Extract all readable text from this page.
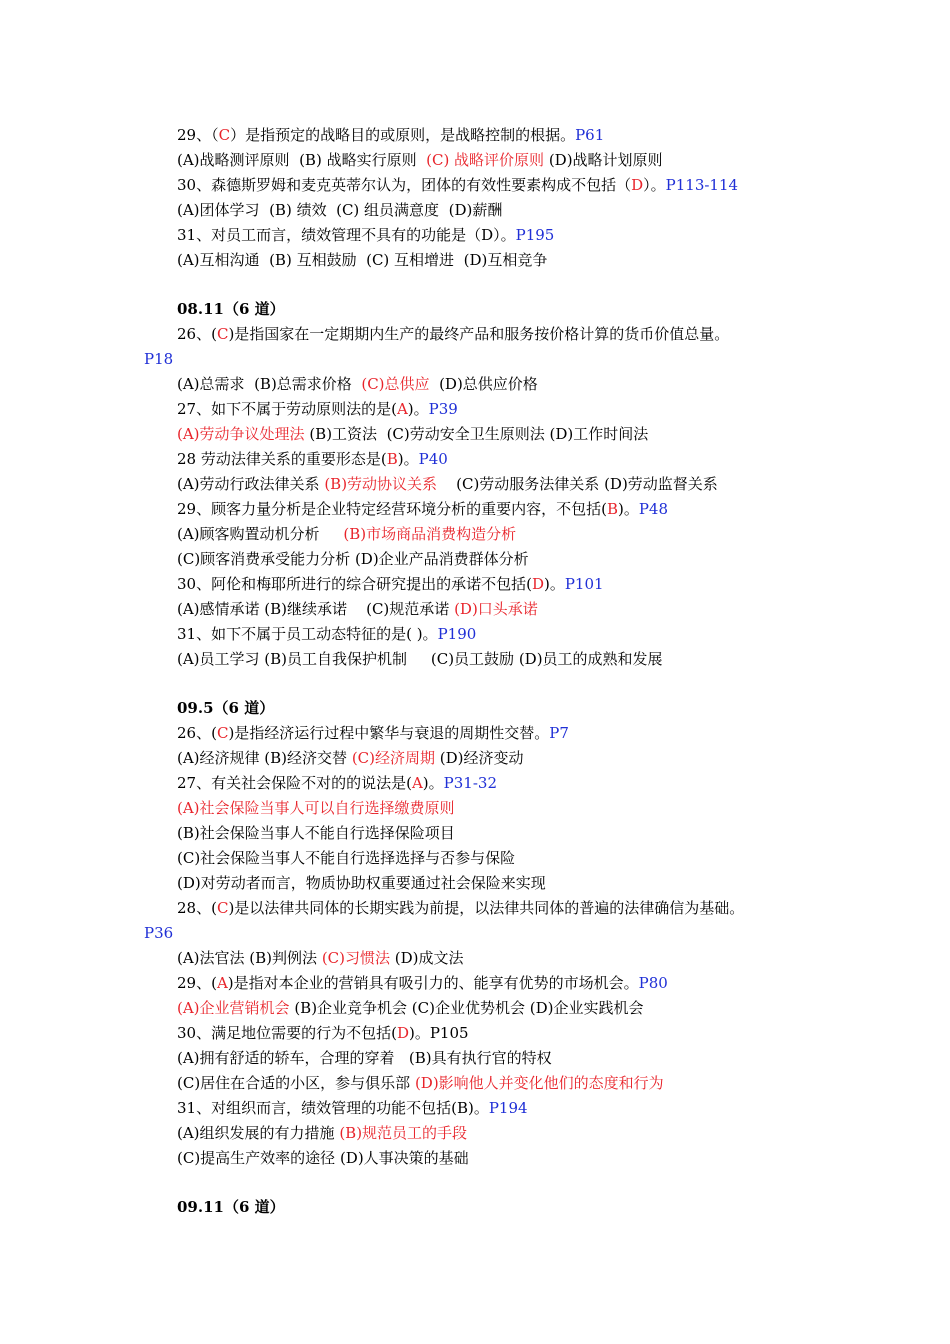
29、（C）是指预定的战略目的或原则，是战略控制的根据。P61
(A)战略测评原则  (B) 战略实行原则  (C) 战略评价原则 (D)战略计划原则
30、森德斯罗姆和麦克英蒂尔认为，团体的有效性要素构成不包括（D）。P113-114
(A)团体学习  (B) 绩效  (C) 组员满意度  (D)薪酬
31、对员工而言，绩效管理不具有的功能是（D）。P195
(A)互相沟通  (B) 互相鼓励  (C) 互相增进  (D)互相竞争
08.11（6 道）
26、(C)是指国家在一定期期内生产的最终产品和服务按价格计算的货币价值总量。
P18
(A)总需求  (B)总需求价格  (C)总供应  (D)总供应价格
27、如下不属于劳动原则法的是(A)。P39
(A)劳动争议处理法 (B)工资法  (C)劳动安全卫生原则法 (D)工作时间法
28 劳动法律关系的重要形态是(B)。P40
(A)劳动行政法律关系 (B)劳动协议关系    (C)劳动服务法律关系 (D)劳动监督关系
29、顾客力量分析是企业特定经营环境分析的重要内容，不包括(B)。P48
(A)顾客购置动机分析     (B)市场商品消费构造分析
(C)顾客消费承受能力分析 (D)企业产品消费群体分析
30、阿伦和梅耶所进行的综合研究提出的承诺不包括(D)。P101
(A)感情承诺 (B)继续承诺    (C)规范承诺 (D)口头承诺
31、如下不属于员工动态特征的是( )。P190
(A)员工学习 (B)员工自我保护机制     (C)员工鼓励 (D)员工的成熟和发展
09.5（6 道）
26、(C)是指经济运行过程中繁华与衰退的周期性交替。P7
(A)经济规律 (B)经济交替 (C)经济周期 (D)经济变动
27、有关社会保险不对的的说法是(A)。P31-32
(A)社会保险当事人可以自行选择缴费原则
(B)社会保险当事人不能自行选择保险项目
(C)社会保险当事人不能自行选择选择与否参与保险
(D)对劳动者而言，物质协助权重要通过社会保险来实现
28、(C)是以法律共同体的长期实践为前提，以法律共同体的普遍的法律确信为基础。
P36
(A)法官法 (B)判例法 (C)习惯法 (D)成文法
29、(A)是指对本企业的营销具有吸引力的、能享有优势的市场机会。P80
(A)企业营销机会 (B)企业竞争机会 (C)企业优势机会 (D)企业实践机会
30、满足地位需要的行为不包括(D)。P105
(A)拥有舒适的轿车，合理的穿着   (B)具有执行官的特权
(C)居住在合适的小区，参与俱乐部 (D)影响他人并变化他们的态度和行为
31、对组织而言，绩效管理的功能不包括(B)。P194
(A)组织发展的有力措施 (B)规范员工的手段
(C)提高生产效率的途径 (D)人事决策的基础
09.11（6 道）
